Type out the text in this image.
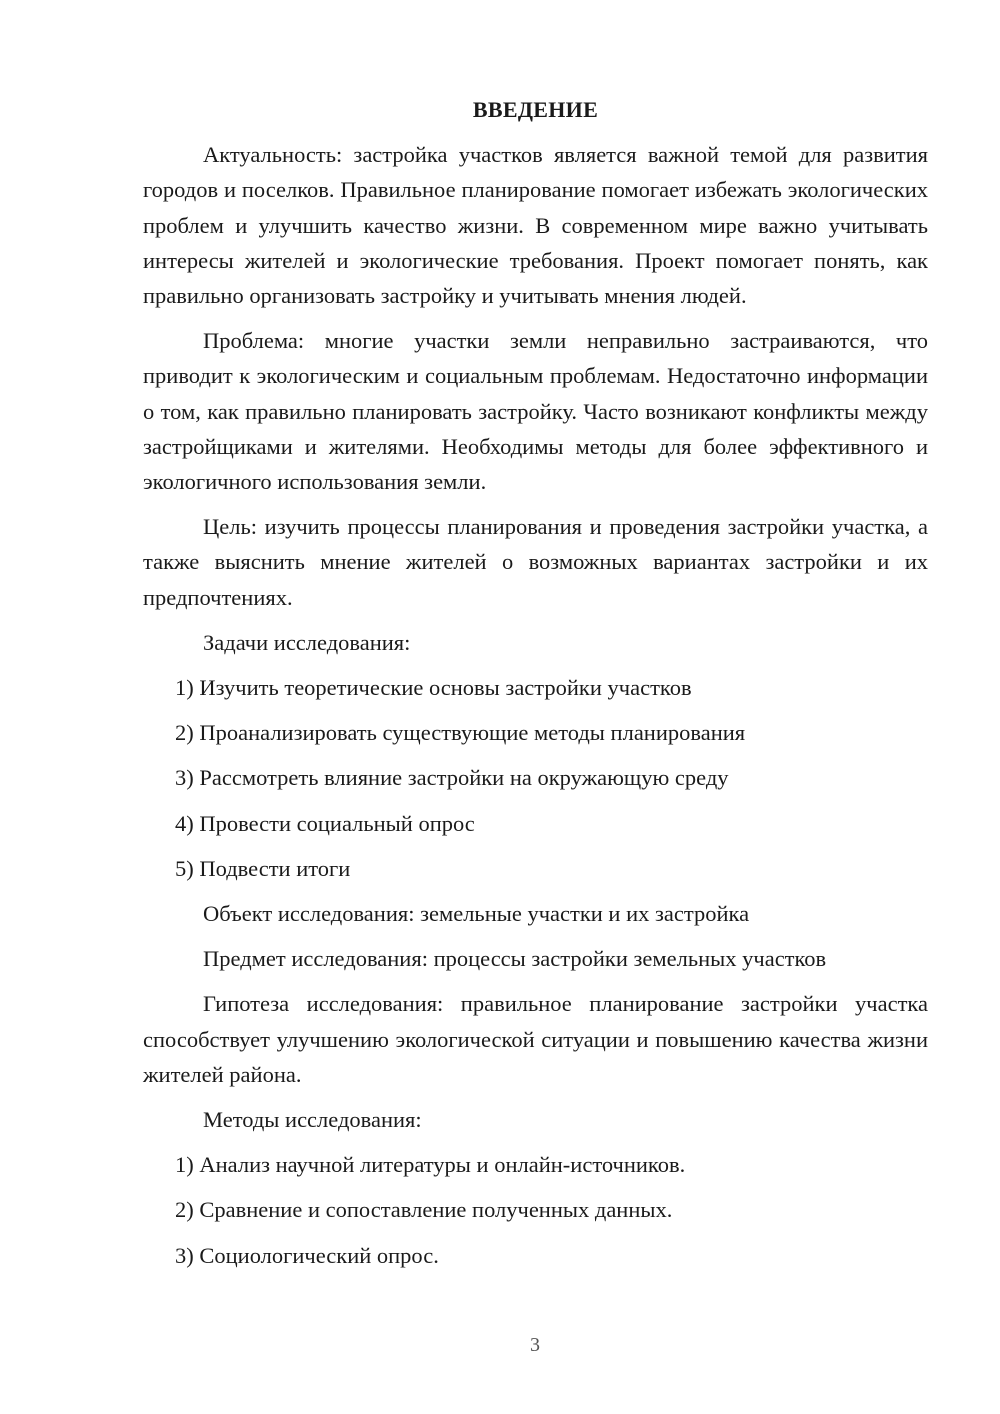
ВВЕДЕНИЕ

Актуальность: застройка участков является важной темой для развития городов и поселков. Правильное планирование помогает избежать экологических проблем и улучшить качество жизни. В современном мире важно учитывать интересы жителей и экологические требования. Проект помогает понять, как правильно организовать застройку и учитывать мнения людей.

Проблема: многие участки земли неправильно застраиваются, что приводит к экологическим и социальным проблемам. Недостаточно информации о том, как правильно планировать застройку. Часто возникают конфликты между застройщиками и жителями. Необходимы методы для более эффективного и экологичного использования земли.

Цель: изучить процессы планирования и проведения застройки участка, а также выяснить мнение жителей о возможных вариантах застройки и их предпочтениях.

Задачи исследования:
1) Изучить теоретические основы застройки участков
2) Проанализировать существующие методы планирования
3) Рассмотреть влияние застройки на окружающую среду
4) Провести социальный опрос
5) Подвести итоги
Объект исследования: земельные участки и их застройка
Предмет исследования: процессы застройки земельных участков

Гипотеза исследования: правильное планирование застройки участка способствует улучшению экологической ситуации и повышению качества жизни жителей района.

Методы исследования:
1) Анализ научной литературы и онлайн-источников.
2) Сравнение и сопоставление полученных данных.
3) Социологический опрос.
3
